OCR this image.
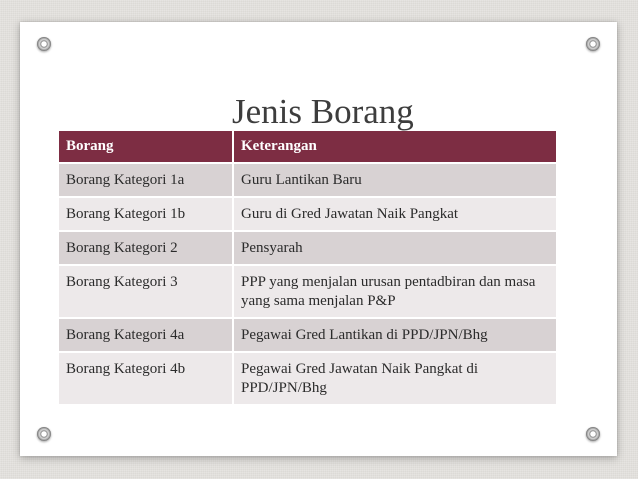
Jenis Borang
Borang	Keterangan
Borang Kategori 1a	Guru Lantikan Baru
Borang Kategori 1b	Guru di Gred Jawatan Naik Pangkat
Borang Kategori 2	Pensyarah
Borang Kategori 3	PPP yang menjalan urusan pentadbiran dan masa yang sama menjalan P&P
Borang Kategori 4a	Pegawai Gred Lantikan di PPD/JPN/Bhg
Borang Kategori 4b	Pegawai Gred Jawatan Naik Pangkat di PPD/JPN/Bhg
